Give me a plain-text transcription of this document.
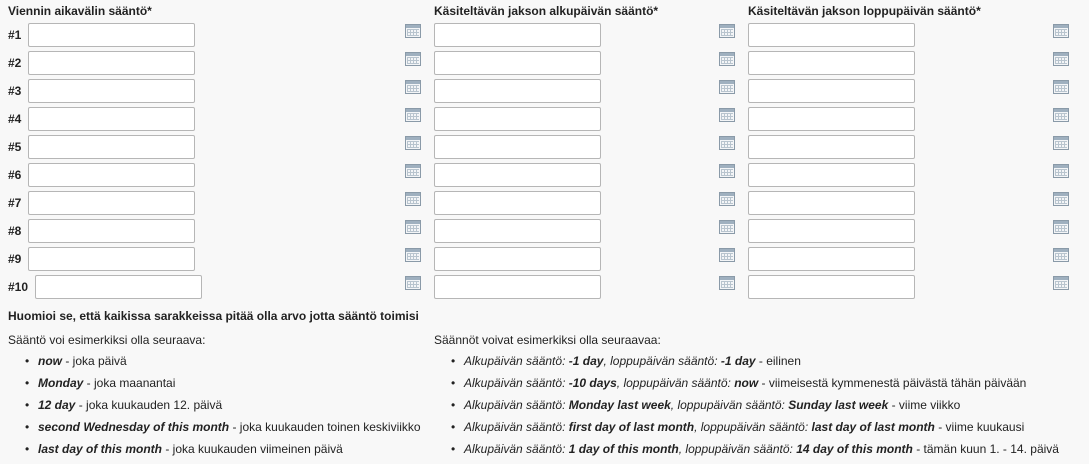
Viennin aikavälin sääntö*	Käsiteltävän jakson alkupäivän sääntö*	Käsiteltävän jakson loppupäivän sääntö*
#1
#2
#3
#4
#5
#6
#7
#8
#9
#10
Huomioi se, että kaikissa sarakkeissa pitää olla arvo jotta sääntö toimisi
Sääntö voi esimerkiksi olla seuraava:
• now - joka päivä
• Monday - joka maanantai
• 12 day - joka kuukauden 12. päivä
• second Wednesday of this month - joka kuukauden toinen keskiviikko
• last day of this month - joka kuukauden viimeinen päivä
Säännöt voivat esimerkiksi olla seuraavaa:
• Alkupäivän sääntö: -1 day, loppupäivän sääntö: -1 day - eilinen
• Alkupäivän sääntö: -10 days, loppupäivän sääntö: now - viimeisestä kymmenestä päivästä tähän päivään
• Alkupäivän sääntö: Monday last week, loppupäivän sääntö: Sunday last week - viime viikko
• Alkupäivän sääntö: first day of last month, loppupäivän sääntö: last day of last month - viime kuukausi
• Alkupäivän sääntö: 1 day of this month, loppupäivän sääntö: 14 day of this month - tämän kuun 1. - 14. päivä
